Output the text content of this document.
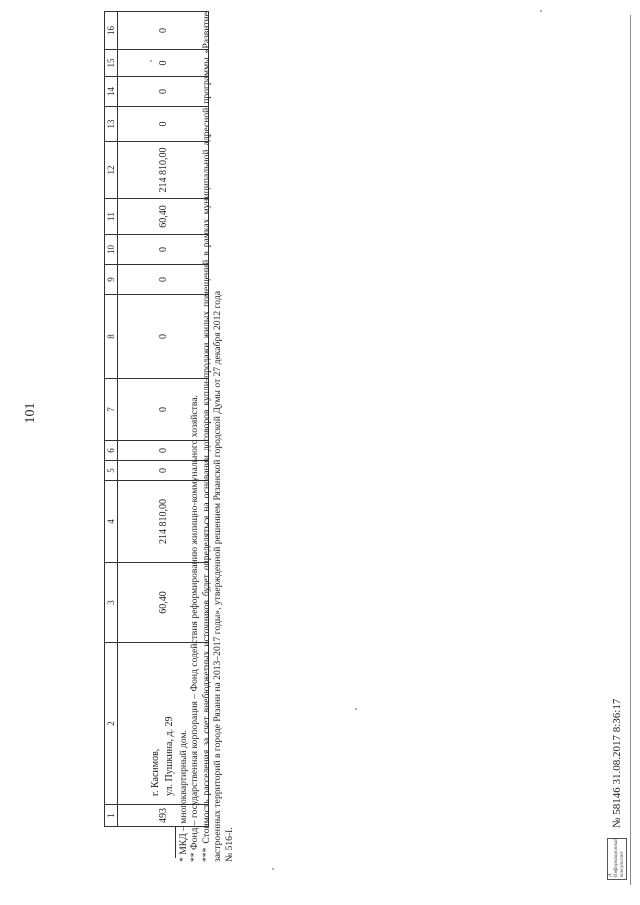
101
1	2	3	4	5	6	7	8	9	10	11	12	13	14	15	16
493	г. Касимов, ул. Пушкина, д. 29	60,40	214 810,00	0	0	0	0	0	0	60,40	214 810,00	0	0	0	0

* МКД – многоквартирный дом. ** Фонд – государственная корпорация – Фонд содействия реформированию жилищно-коммунального хозяйства. *** Стоимость расселения за счет внебюджетных источников будет определяться на основании договоров купли-продажи жилых помещений в рамках муниципальной адресной программы «Развитие застроенных территорий в городе Рязани на 2013–2017 годы», утвержденной решением Рязанской городской Думы от 27 декабря 2012 года № 516-I.

Д Информационный консультант
№ 58146 31.08.2017 8:36:17
